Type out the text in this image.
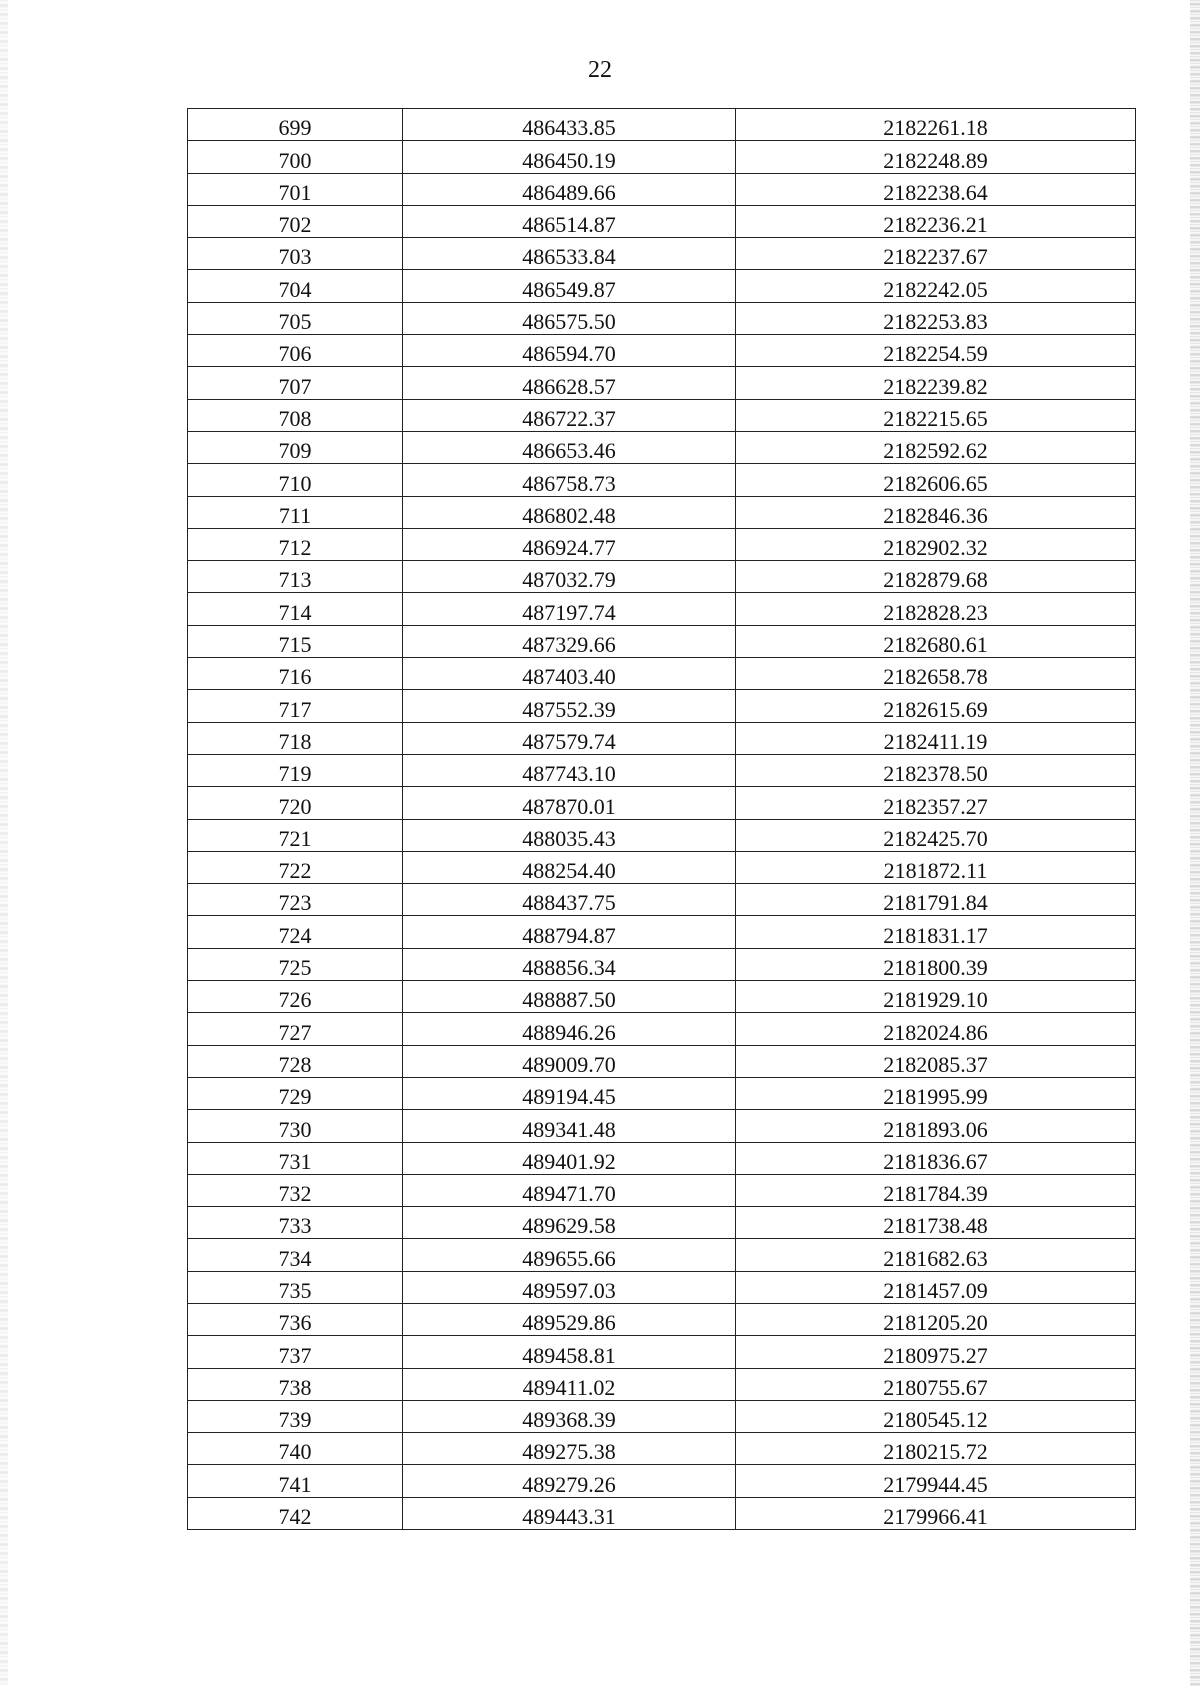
22
699	486433.85	2182261.18
700	486450.19	2182248.89
701	486489.66	2182238.64
702	486514.87	2182236.21
703	486533.84	2182237.67
704	486549.87	2182242.05
705	486575.50	2182253.83
706	486594.70	2182254.59
707	486628.57	2182239.82
708	486722.37	2182215.65
709	486653.46	2182592.62
710	486758.73	2182606.65
711	486802.48	2182846.36
712	486924.77	2182902.32
713	487032.79	2182879.68
714	487197.74	2182828.23
715	487329.66	2182680.61
716	487403.40	2182658.78
717	487552.39	2182615.69
718	487579.74	2182411.19
719	487743.10	2182378.50
720	487870.01	2182357.27
721	488035.43	2182425.70
722	488254.40	2181872.11
723	488437.75	2181791.84
724	488794.87	2181831.17
725	488856.34	2181800.39
726	488887.50	2181929.10
727	488946.26	2182024.86
728	489009.70	2182085.37
729	489194.45	2181995.99
730	489341.48	2181893.06
731	489401.92	2181836.67
732	489471.70	2181784.39
733	489629.58	2181738.48
734	489655.66	2181682.63
735	489597.03	2181457.09
736	489529.86	2181205.20
737	489458.81	2180975.27
738	489411.02	2180755.67
739	489368.39	2180545.12
740	489275.38	2180215.72
741	489279.26	2179944.45
742	489443.31	2179966.41
